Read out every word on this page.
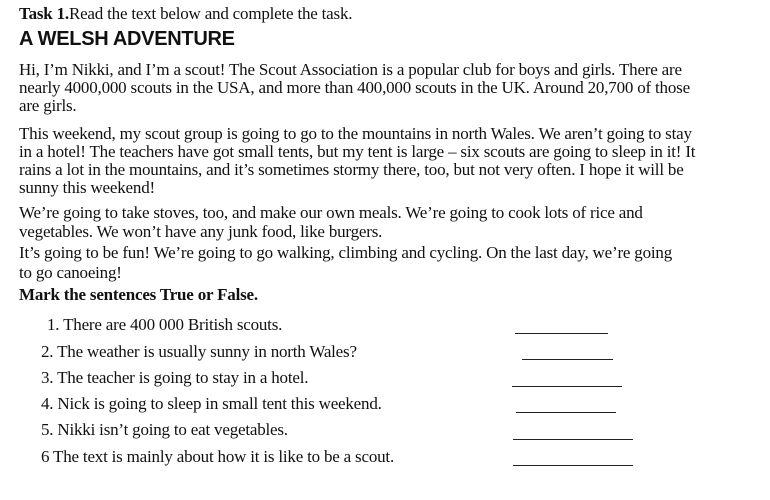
Task 1.Read the text below and complete the task.
A WELSH ADVENTURE
Hi, I’m Nikki, and I’m a scout! The Scout Association is a popular club for boys and girls. There are
nearly 4000,000 scouts in the USA, and more than 400,000 scouts in the UK. Around 20,700 of those
are girls.
This weekend, my scout group is going to go to the mountains in north Wales. We aren’t going to stay
in a hotel! The teachers have got small tents, but my tent is large – six scouts are going to sleep in it! It
rains a lot in the mountains, and it’s sometimes stormy there, too, but not very often. I hope it will be
sunny this weekend!
We’re going to take stoves, too, and make our own meals. We’re going to cook lots of rice and
vegetables. We won’t have any junk food, like burgers.
It’s going to be fun! We’re going to go walking, climbing and cycling. On the last day, we’re going
to go canoeing!
Mark the sentences True or False.
1. There are 400 000 British scouts.
2. The weather is usually sunny in north Wales?
3. The teacher is going to stay in a hotel.
4. Nick is going to sleep in small tent this weekend.
5. Nikki isn’t going to eat vegetables.
6 The text is mainly about how it is like to be a scout.
